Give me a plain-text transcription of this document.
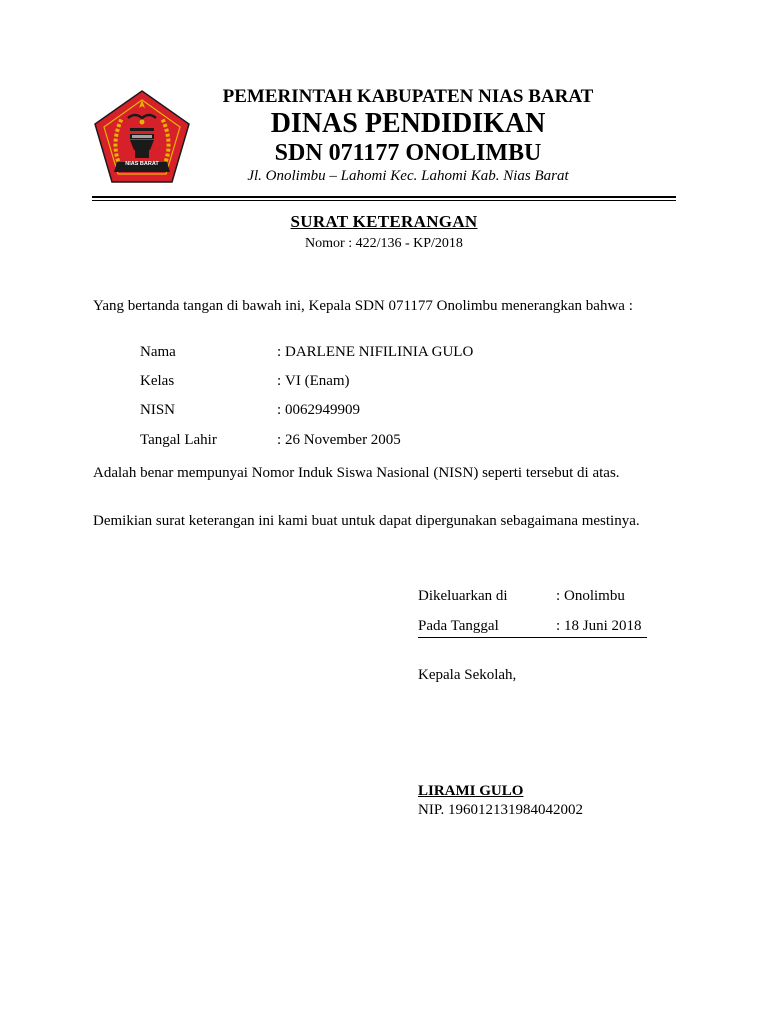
NIAS BARAT
PEMERINTAH KABUPATEN NIAS BARAT
DINAS PENDIDIKAN
SDN 071177 ONOLIMBU
Jl. Onolimbu – Lahomi Kec. Lahomi Kab. Nias Barat
SURAT KETERANGAN
Nomor : 422/136 - KP/2018
Yang bertanda tangan di bawah ini, Kepala SDN 071177 Onolimbu menerangkan bahwa :
Nama	: DARLENE NIFILINIA GULO
Kelas	: VI (Enam)
NISN	: 0062949909
Tangal Lahir	: 26 November 2005
Adalah benar mempunyai Nomor Induk Siswa Nasional (NISN) seperti tersebut di atas.
Demikian surat keterangan ini kami buat untuk dapat dipergunakan sebagaimana mestinya.
Dikeluarkan di	: Onolimbu
Pada Tanggal	: 18 Juni 2018
Kepala Sekolah,
LIRAMI GULO
NIP. 196012131984042002
